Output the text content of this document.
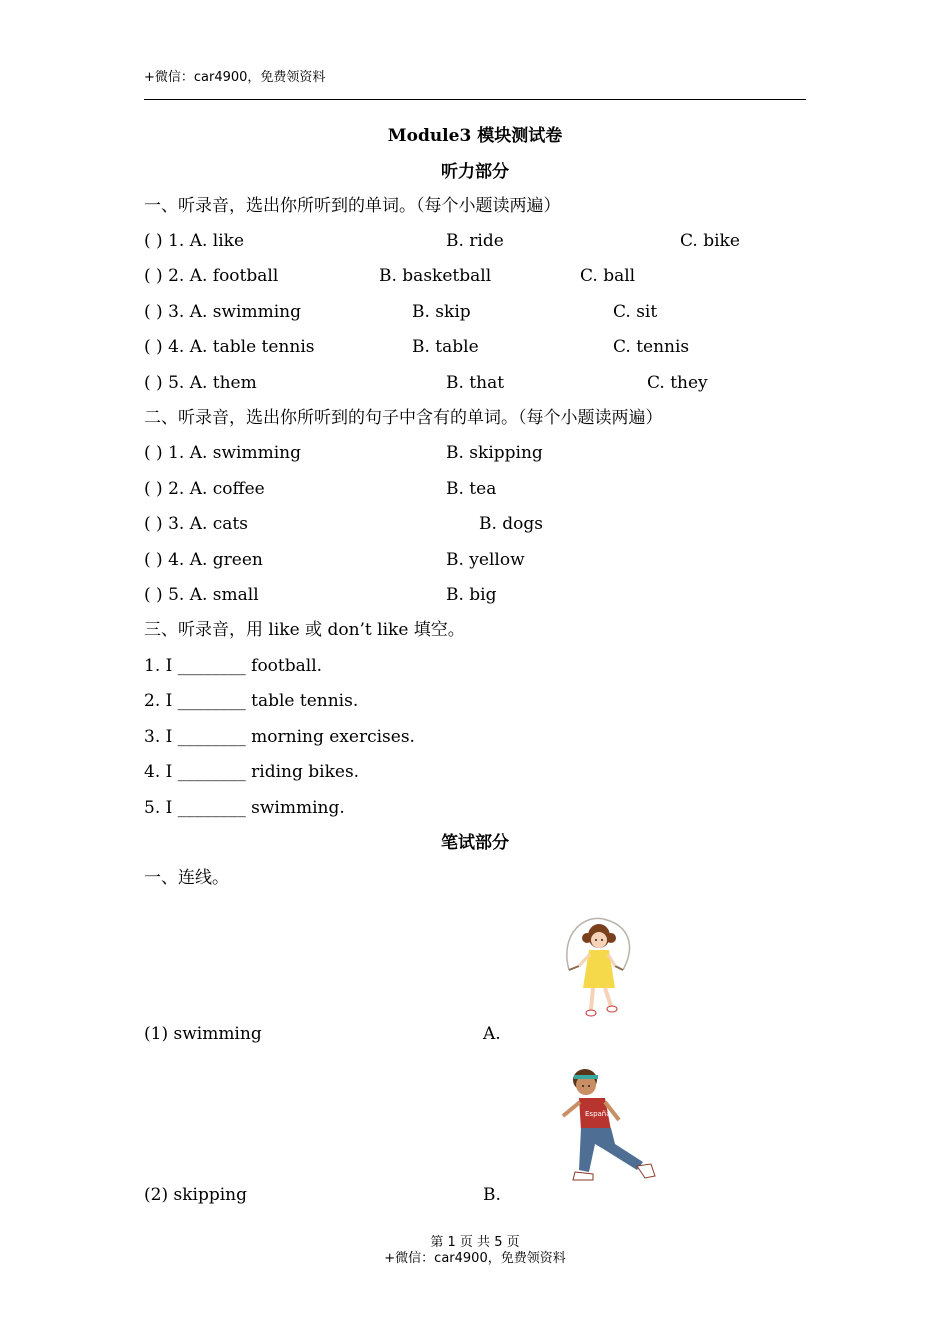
+微信：car4900，免费领资料
Module3 模块测试卷
听力部分
一、听录音，选出你所听到的单词。（每个小题读两遍）
( ) 1. A. like	B. ride	C. bike
( ) 2. A. football	B. basketball	C. ball
( ) 3. A. swimming	B. skip	C. sit
( ) 4. A. table tennis	B. table	C. tennis
( ) 5. A. them	B. that	C. they
二、听录音，选出你所听到的句子中含有的单词。（每个小题读两遍）
( ) 1. A. swimming	B. skipping
( ) 2. A. coffee	B. tea
( ) 3. A. cats	B. dogs
( ) 4. A. green	B. yellow
( ) 5. A. small	B. big
三、听录音，用 like 或 don’t like 填空。
1. I ________ football.
2. I ________ table tennis.
3. I ________ morning exercises.
4. I ________ riding bikes.
5. I ________ swimming.
笔试部分
一、连线。
(1) swimming	A.
España
(2) skipping	B.
第 1 页 共 5 页
+微信：car4900，免费领资料
